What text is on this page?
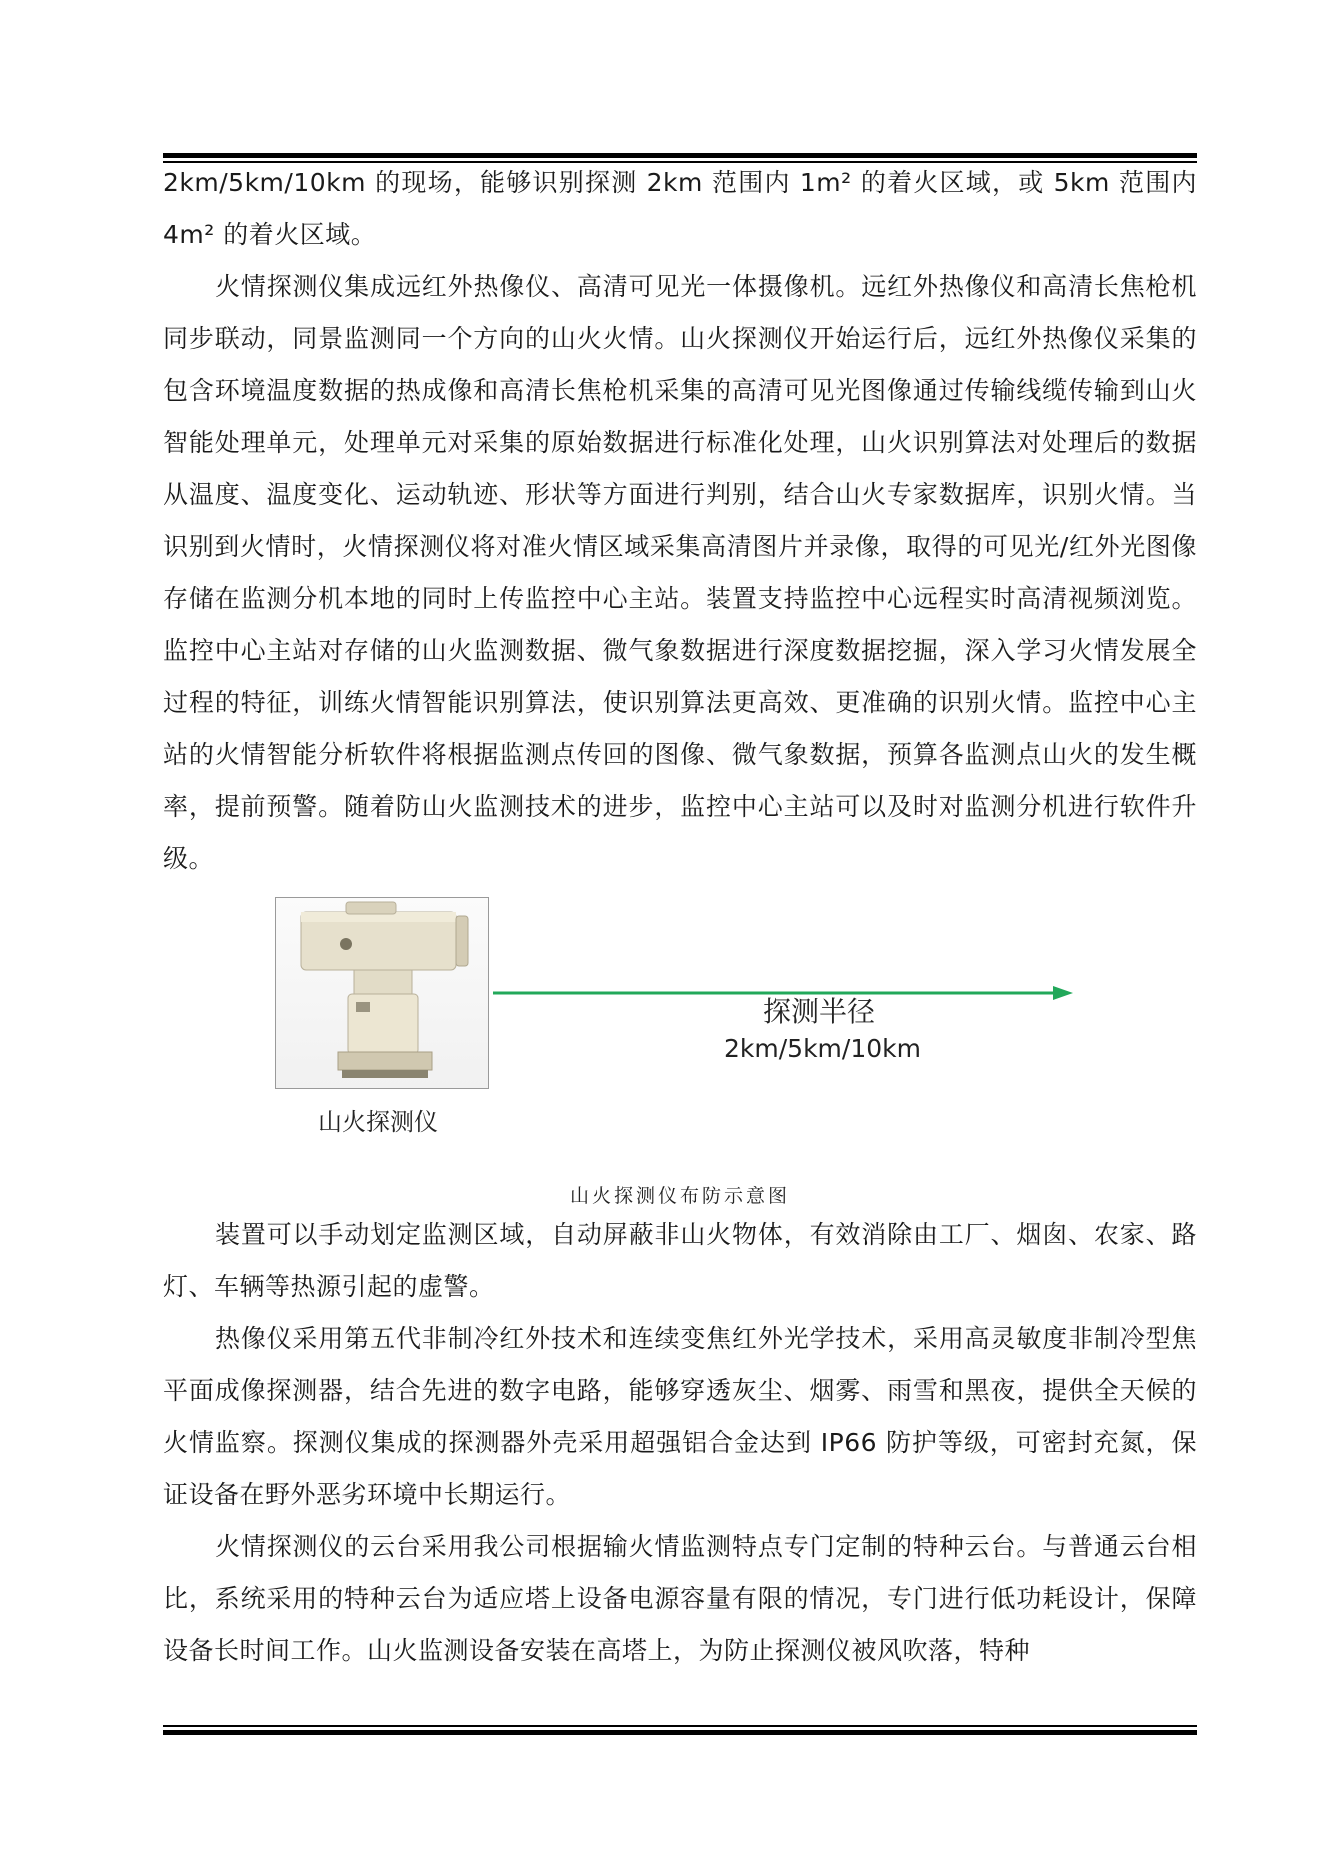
2km/5km/10km 的现场，能够识别探测 2km 范围内 1m² 的着火区域，或 5km 范围内 4m² 的着火区域。

火情探测仪集成远红外热像仪、高清可见光一体摄像机。远红外热像仪和高清长焦枪机同步联动，同景监测同一个方向的山火火情。山火探测仪开始运行后，远红外热像仪采集的包含环境温度数据的热成像和高清长焦枪机采集的高清可见光图像通过传输线缆传输到山火智能处理单元，处理单元对采集的原始数据进行标准化处理，山火识别算法对处理后的数据从温度、温度变化、运动轨迹、形状等方面进行判别，结合山火专家数据库，识别火情。当识别到火情时，火情探测仪将对准火情区域采集高清图片并录像，取得的可见光/红外光图像存储在监测分机本地的同时上传监控中心主站。装置支持监控中心远程实时高清视频浏览。监控中心主站对存储的山火监测数据、微气象数据进行深度数据挖掘，深入学习火情发展全过程的特征，训练火情智能识别算法，使识别算法更高效、更准确的识别火情。监控中心主站的火情智能分析软件将根据监测点传回的图像、微气象数据，预算各监测点山火的发生概率，提前预警。随着防山火监测技术的进步，监控中心主站可以及时对监测分机进行软件升级。

山火探测仪
探测半径
2km/5km/10km
山火探测仪布防示意图

装置可以手动划定监测区域，自动屏蔽非山火物体，有效消除由工厂、烟囱、农家、路灯、车辆等热源引起的虚警。

热像仪采用第五代非制冷红外技术和连续变焦红外光学技术，采用高灵敏度非制冷型焦平面成像探测器，结合先进的数字电路，能够穿透灰尘、烟雾、雨雪和黑夜，提供全天候的火情监察。探测仪集成的探测器外壳采用超强铝合金达到 IP66 防护等级，可密封充氮，保证设备在野外恶劣环境中长期运行。

火情探测仪的云台采用我公司根据输火情监测特点专门定制的特种云台。与普通云台相比，系统采用的特种云台为适应塔上设备电源容量有限的情况，专门进行低功耗设计，保障设备长时间工作。山火监测设备安装在高塔上，为防止探测仪被风吹落，特种
